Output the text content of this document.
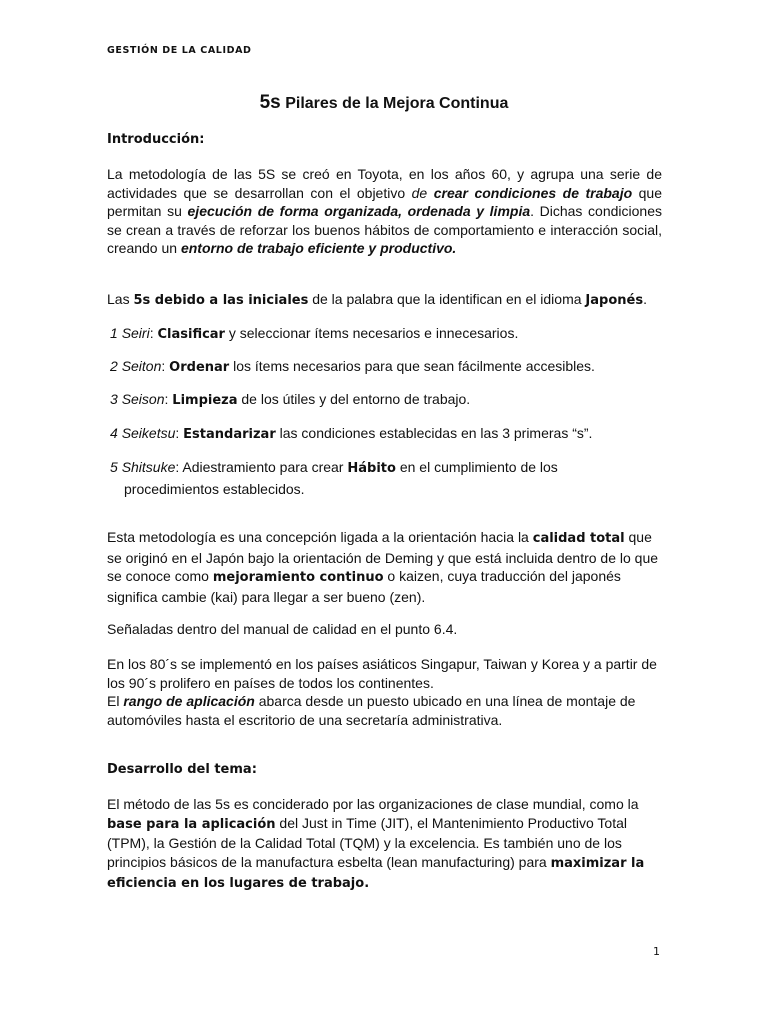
GESTIÓN DE LA CALIDAD
5s Pilares de la Mejora Continua
Introducción:

La metodología de las 5S se creó en Toyota, en los años 60, y agrupa una serie de actividades que se desarrollan con el objetivo de crear condiciones de trabajo que permitan su ejecución de forma organizada, ordenada y limpia. Dichas condiciones se crean a través de reforzar los buenos hábitos de comportamiento e interacción social, creando un entorno de trabajo eficiente y productivo.

Las 5s debido a las iniciales de la palabra que la identifican en el idioma Japonés.

1 Seiri: Clasificar y seleccionar ítems necesarios e innecesarios.

2 Seiton: Ordenar los ítems necesarios para que sean fácilmente accesibles.

3 Seison: Limpieza de los útiles y del entorno de trabajo.

4 Seiketsu: Estandarizar las condiciones establecidas en las 3 primeras “s”.

5 Shitsuke: Adiestramiento para crear Hábito en el cumplimiento de los
procedimientos establecidos.

Esta metodología es una concepción ligada a la orientación hacia la calidad total que se originó en el Japón bajo la orientación de Deming y que está incluida dentro de lo que se conoce como mejoramiento continuo o kaizen, cuya traducción del japonés significa cambie (kai) para llegar a ser bueno (zen).

Señaladas dentro del manual de calidad en el punto 6.4.

En los 80´s se implementó en los países asiáticos Singapur, Taiwan y Korea y a partir de los 90´s prolifero en países de todos los continentes.
El rango de aplicación abarca desde un puesto ubicado en una línea de montaje de automóviles hasta el escritorio de una secretaría administrativa.

Desarrollo del tema:

El método de las 5s es conciderado por las organizaciones de clase mundial, como la base para la aplicación del Just in Time (JIT), el Mantenimiento Productivo Total (TPM), la Gestión de la Calidad Total (TQM) y la excelencia. Es también uno de los principios básicos de la manufactura esbelta (lean manufacturing) para maximizar la eficiencia en los lugares de trabajo.

1
